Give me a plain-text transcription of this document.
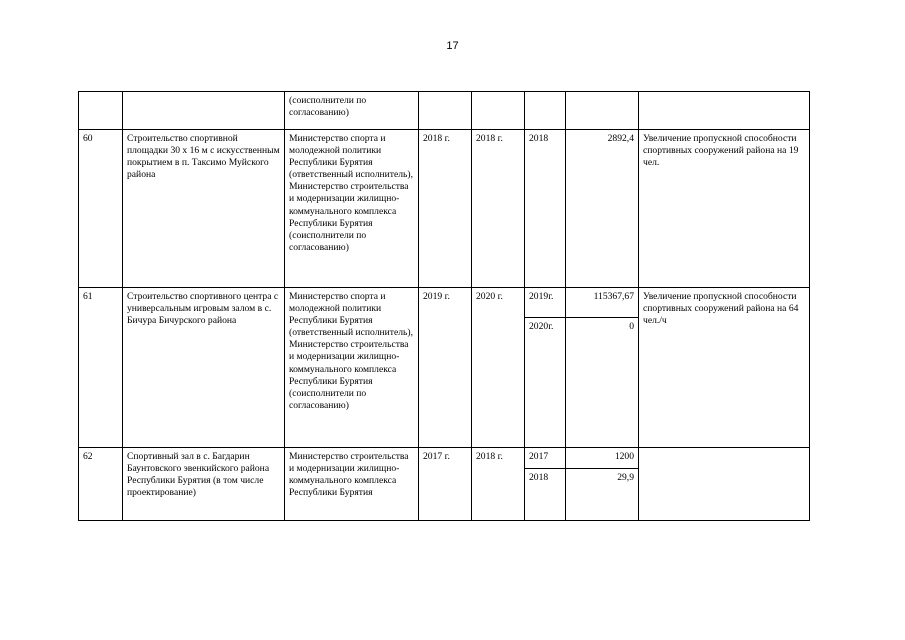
17
		(соисполнители по согласованию)					
60	Строительство спортивной площадки 30 х 16 м с искусственным покрытием в п. Таксимо Муйского района	Министерство спорта и молодежной политики Республики Бурятия (ответственный исполнитель), Министерство строительства и модернизации жилищно-коммунального комплекса Республики Бурятия (соисполнители по согласованию)	2018 г.	2018 г.	2018	2892,4	Увеличение пропускной способности спортивных сооружений района на 19 чел.
61	Строительство спортивного центра с универсальным игровым залом в с. Бичура Бичурского района	Министерство спорта и молодежной политики Республики Бурятия (ответственный исполнитель), Министерство строительства и модернизации жилищно-коммунального комплекса Республики Бурятия (соисполнители по согласованию)	2019 г.	2020 г.	2019г.	115367,67	Увеличение пропускной способности спортивных сооружений района на 64 чел./ч
					2020г.	0	
62	Спортивный зал в с. Багдарин Баунтовского эвенкийского района Республики Бурятия (в том числе проектирование)	Министерство строительства и модернизации жилищно-коммунального комплекса Республики Бурятия	2017 г.	2018 г.	2017	1200	
					2018	29,9	
